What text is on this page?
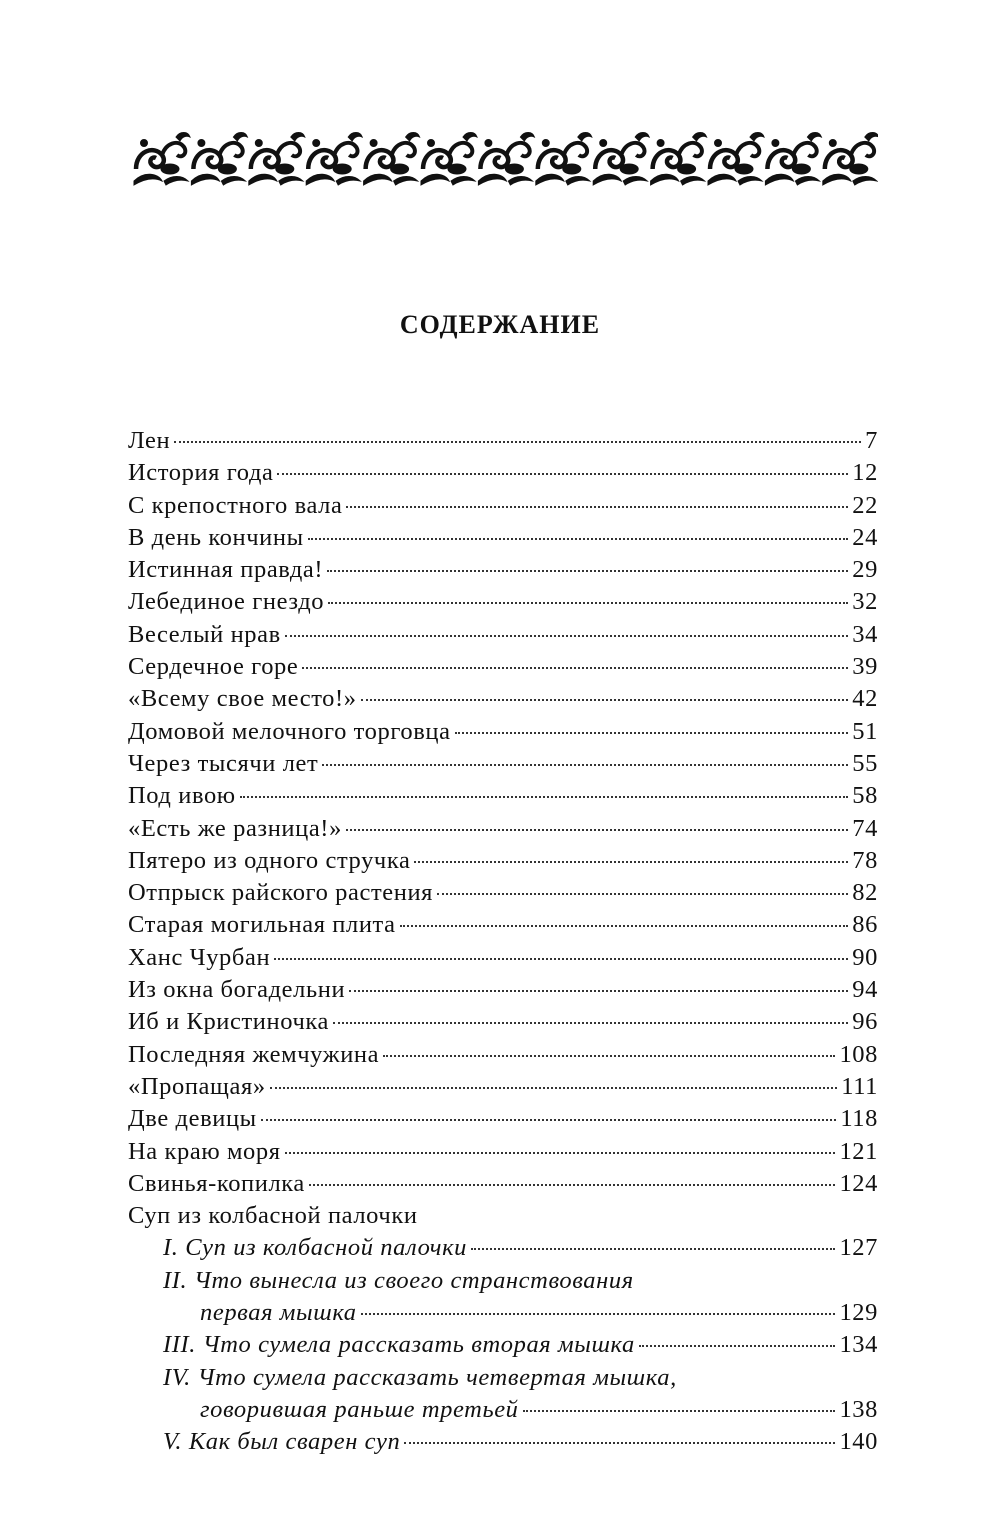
СОДЕРЖАНИЕ
Лен	7
История года	12
С крепостного вала	22
В день кончины	24
Истинная правда!	29
Лебединое гнездо	32
Веселый нрав	34
Сердечное горе	39
«Всему свое место!»	42
Домовой мелочного торговца	51
Через тысячи лет	55
Под ивою	58
«Есть же разница!»	74
Пятеро из одного стручка	78
Отпрыск райского растения	82
Старая могильная плита	86
Ханс Чурбан	90
Из окна богадельни	94
Иб и Кристиночка	96
Последняя жемчужина	108
«Пропащая»	111
Две девицы	118
На краю моря	121
Свинья-копилка	124
Суп из колбасной палочки
I. Суп из колбасной палочки	127
II. Что вынесла из своего странствования
первая мышка	129
III. Что сумела рассказать вторая мышка	134
IV. Что сумела рассказать четвертая мышка,
говорившая раньше третьей	138
V. Как был сварен суп	140
